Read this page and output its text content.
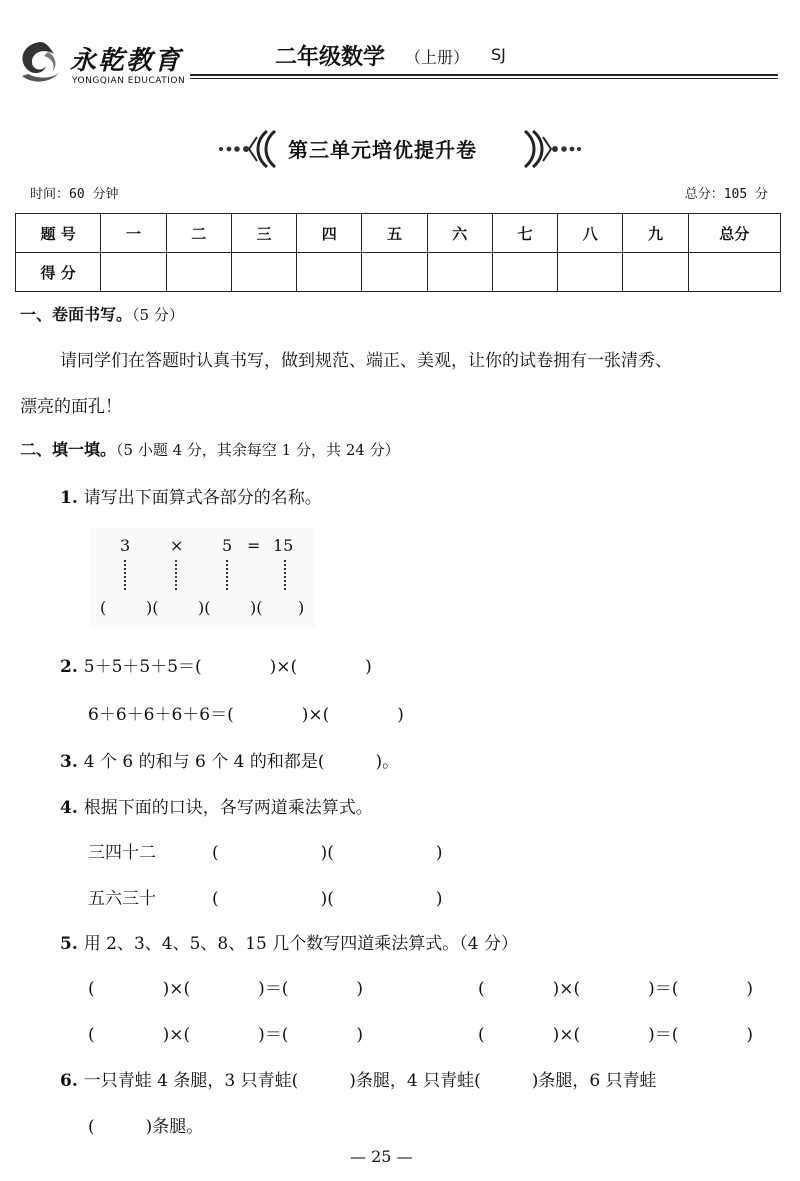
永乾教育
YONGQIAN EDUCATION
二年级数学 （上册） SJ
第三单元培优提升卷
时间：60 分钟	总分：105 分
题 号	一	二	三	四	五	六	七	八	九	总分
得 分										
一、卷面书写。（5 分）
请同学们在答题时认真书写，做到规范、端正、美观，让你的试卷拥有一张清秀、
漂亮的面孔！
二、填一填。（5 小题 4 分，其余每空 1 分，共 24 分）
1. 请写出下面算式各部分的名称。
3 × 5 = 15
( )( )( )( )
2. 5＋5＋5＋5＝(　　　　)×(　　　　)
6＋6＋6＋6＋6＝(　　　　)×(　　　　)
3. 4 个 6 的和与 6 个 4 的和都是(　　　)。
4. 根据下面的口诀，各写两道乘法算式。
三四十二	(　　　　　　)(　　　　　　)
五六三十	(　　　　　　)(　　　　　　)
5. 用 2、3、4、5、8、15 几个数写四道乘法算式。（4 分）
(　　　　)×(　　　　)＝(　　　　)	(　　　　)×(　　　　)＝(　　　　)
(　　　　)×(　　　　)＝(　　　　)	(　　　　)×(　　　　)＝(　　　　)
6. 一只青蛙 4 条腿，3 只青蛙(　　　)条腿，4 只青蛙(　　　)条腿，6 只青蛙
(　　　)条腿。
— 25 —
